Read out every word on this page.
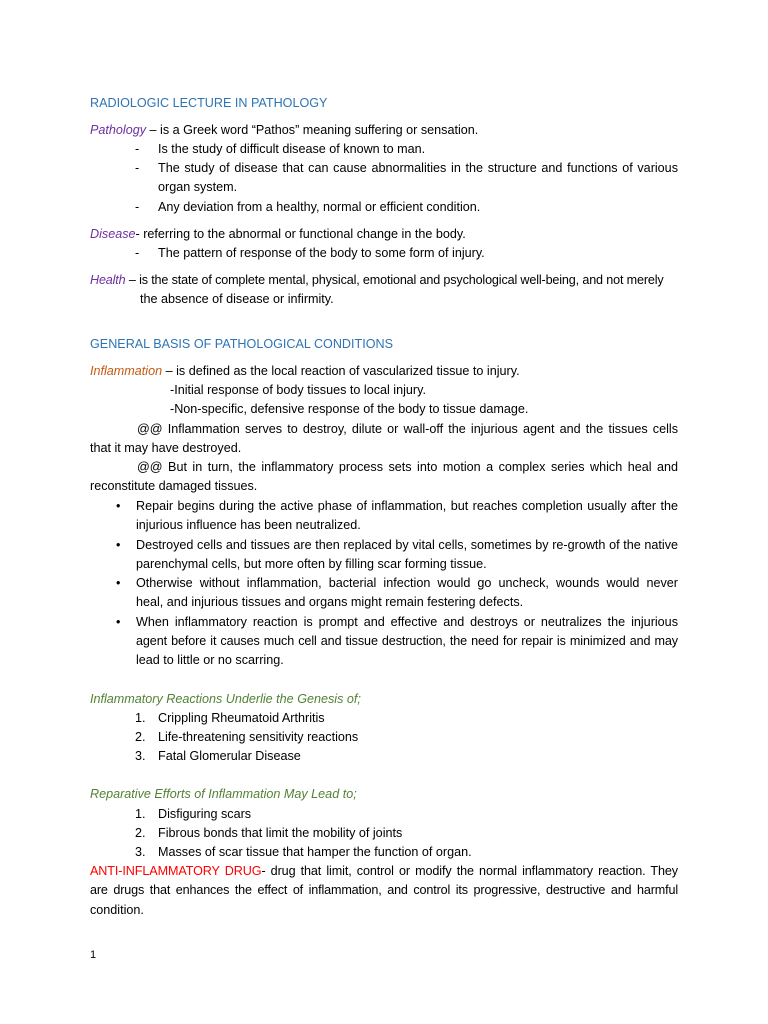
RADIOLOGIC LECTURE IN PATHOLOGY
Pathology – is a Greek word “Pathos” meaning suffering or sensation.
- Is the study of difficult disease of known to man.
- The study of disease that can cause abnormalities in the structure and functions of various
organ system.
- Any deviation from a healthy, normal or efficient condition.
Disease- referring to the abnormal or functional change in the body.
- The pattern of response of the body to some form of injury.
Health – is the state of complete mental, physical, emotional and psychological well-being, and not merely
the absence of disease or infirmity.
GENERAL BASIS OF PATHOLOGICAL CONDITIONS
Inflammation – is defined as the local reaction of vascularized tissue to injury.
-Initial response of body tissues to local injury.
-Non-specific, defensive response of the body to tissue damage.
@@ Inflammation serves to destroy, dilute or wall-off the injurious agent and the tissues cells
that it may have destroyed.
@@ But in turn, the inflammatory process sets into motion a complex series which heal and
reconstitute damaged tissues.
• Repair begins during the active phase of inflammation, but reaches completion usually after the
injurious influence has been neutralized.
• Destroyed cells and tissues are then replaced by vital cells, sometimes by re-growth of the native
parenchymal cells, but more often by filling scar forming tissue.
• Otherwise without inflammation, bacterial infection would go uncheck, wounds would never
heal, and injurious tissues and organs might remain festering defects.
• When inflammatory reaction is prompt and effective and destroys or neutralizes the injurious
agent before it causes much cell and tissue destruction, the need for repair is minimized and may
lead to little or no scarring.
Inflammatory Reactions Underlie the Genesis of;
1. Crippling Rheumatoid Arthritis
2. Life-threatening sensitivity reactions
3. Fatal Glomerular Disease
Reparative Efforts of Inflammation May Lead to;
1. Disfiguring scars
2. Fibrous bonds that limit the mobility of joints
3. Masses of scar tissue that hamper the function of organ.
ANTI-INFLAMMATORY DRUG- drug that limit, control or modify the normal inflammatory reaction. They
are drugs that enhances the effect of inflammation, and control its progressive, destructive and harmful
condition.
1
